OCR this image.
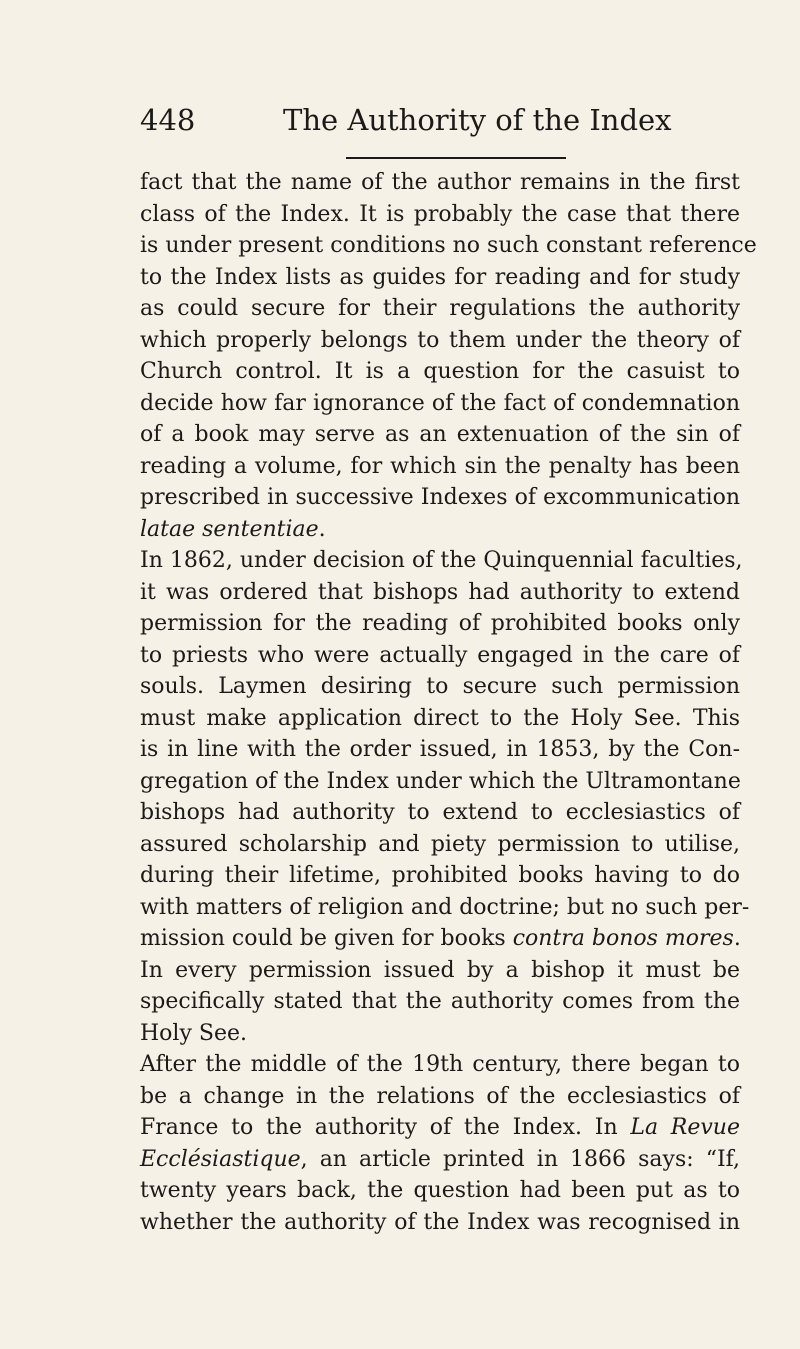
448	The Authority of the Index
fact that the name of the author remains in the first
class of the Index. It is probably the case that there
is under present conditions no such constant reference
to the Index lists as guides for reading and for study
as could secure for their regulations the authority
which properly belongs to them under the theory of
Church control. It is a question for the casuist to
decide how far ignorance of the fact of condemnation
of a book may serve as an extenuation of the sin of
reading a volume, for which sin the penalty has been
prescribed in successive Indexes of excommunication
latae sententiae.
In 1862, under decision of the Quinquennial faculties,
it was ordered that bishops had authority to extend
permission for the reading of prohibited books only
to priests who were actually engaged in the care of
souls. Laymen desiring to secure such permission
must make application direct to the Holy See. This
is in line with the order issued, in 1853, by the Con-
gregation of the Index under which the Ultramontane
bishops had authority to extend to ecclesiastics of
assured scholarship and piety permission to utilise,
during their lifetime, prohibited books having to do
with matters of religion and doctrine; but no such per-
mission could be given for books contra bonos mores.
In every permission issued by a bishop it must be
specifically stated that the authority comes from the
Holy See.
After the middle of the 19th century, there began to
be a change in the relations of the ecclesiastics of
France to the authority of the Index. In La Revue
Ecclésiastique, an article printed in 1866 says: “If,
twenty years back, the question had been put as to
whether the authority of the Index was recognised in
